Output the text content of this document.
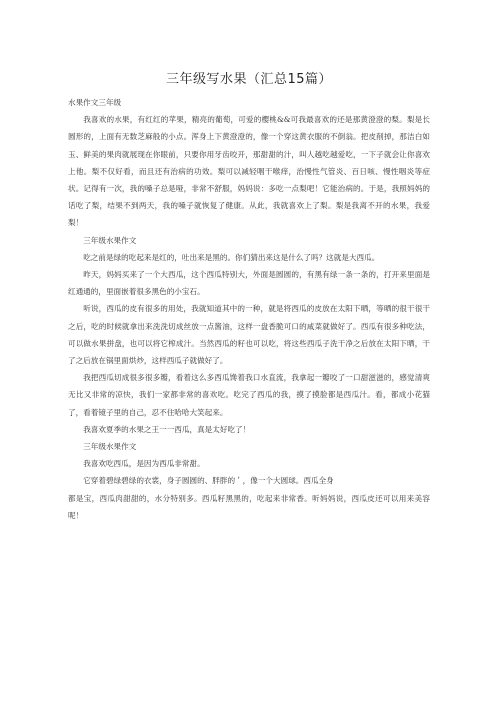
三年级写水果（汇总15篇）

水果作文三年级

我喜欢的水果，有红红的苹果，精亮的葡萄，可爱的樱桃&&可我最喜欢的还是那黄澄澄的梨。梨是长圆形的，上面有无数芝麻般的小点。浑身上下黄澄澄的，像一个穿这黄衣服的不倒翁。把皮削掉，那洁白如玉、鲜美的果肉就展现在你眼前，只要你用牙齿咬开，那甜甜的汁，叫人越吃越爱吃，一下子就会让你喜欢上他。梨不仅好看，而且还有治病的功效。梨可以减轻咽干喉痒，治慢性气管炎、百日咳、慢性咽炎等症状。记得有一次，我的嗓子总是哑，非常不舒服，妈妈说：多吃一点梨吧！它能治病的。于是，我照妈妈的话吃了梨，结果不到两天，我的嗓子就恢复了健康。从此，我就喜欢上了梨。梨是我离不开的水果，我爱梨！

三年级水果作文

吃之前是绿的吃起来是红的，吐出来是黑的。你们猜出来这是什么了吗？这就是大西瓜。

昨天，妈妈买来了一个大西瓜，这个西瓜特别大，外面是圆圆的，有黑有绿一条一条的，打开来里面是红通通的，里面嵌着很多黑色的小宝石。

听说，西瓜的皮有很多的用处，我就知道其中的一种，就是将西瓜的皮放在太阳下晒，等晒的很干很干之后，吃的时候就拿出来洗洗切成丝放一点酱油，这样一盘香脆可口的咸菜就做好了。西瓜有很多种吃法，可以做水果拼盘，也可以将它榨成汁。当然西瓜的籽也可以吃，将这些西瓜子洗干净之后放在太阳下晒，干了之后放在锅里面烘炒，这样西瓜子就做好了。

我把西瓜切成很多很多瓣，看着这么多西瓜馋着我口水直流，我拿起一瓣咬了一口甜滋滋的，感觉清爽无比又非常的凉快，我们一家都非常的喜欢吃。吃完了西瓜的我，摸了摸脸都是西瓜汁。看，都成小花猫了，看着镜子里的自己，忍不住哈哈大笑起来。

我喜欢夏季的水果之王一一西瓜，真是太好吃了！

三年级水果作文

我喜欢吃西瓜，是因为西瓜非常甜。

它穿着碧绿碧绿的衣裳，身子圆圆的、胖胖的＇，像一个大圆球。西瓜全身

都是宝，西瓜肉甜甜的，水分特别多。西瓜籽黑黑的，吃起来非常香。听妈妈说，西瓜皮还可以用来美容呢！
